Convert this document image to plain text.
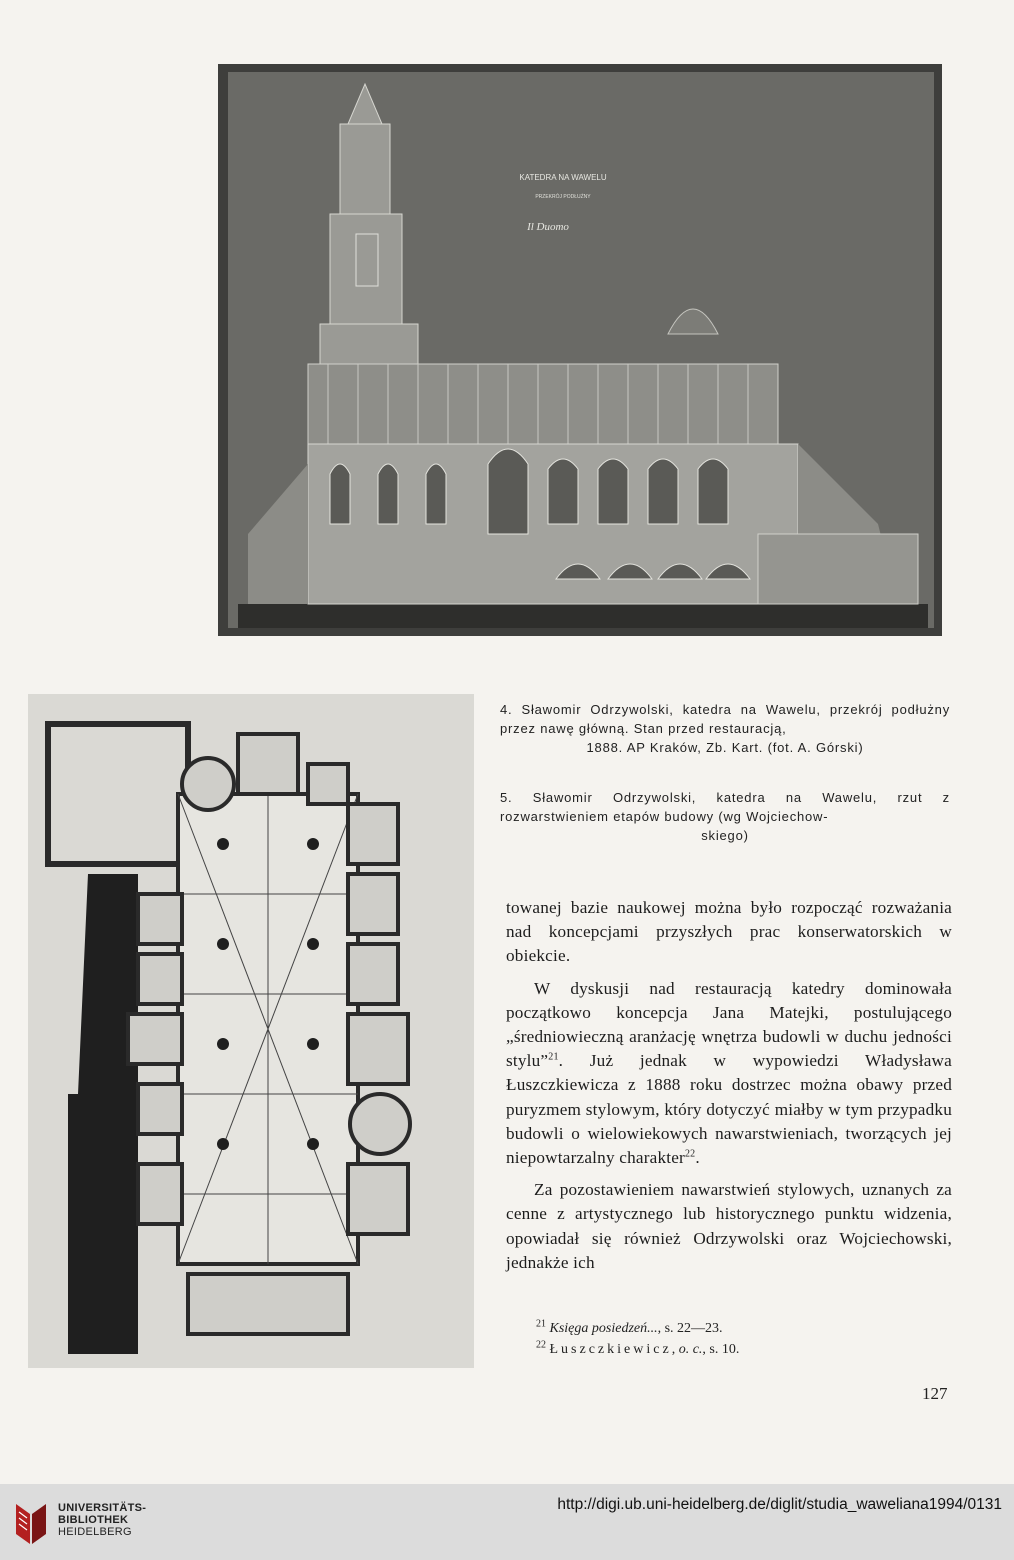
KATEDRA NA WAWELU
PRZEKRÓJ PODŁUŻNY
Il Duomo
4. Sławomir Odrzywolski, katedra na Wawelu, przekrój podłużny przez nawę główną. Stan przed restauracją,
1888. AP Kraków, Zb. Kart. (fot. A. Górski)
5. Sławomir Odrzywolski, katedra na Wawelu, rzut z rozwarstwieniem etapów budowy (wg Wojciechow-
skiego)

towanej bazie naukowej można było rozpocząć rozważania nad koncepcjami przyszłych prac konserwatorskich w obiekcie.

W dyskusji nad restauracją katedry dominowała początkowo koncepcja Jana Matejki, postulującego „średniowieczną aranżację wnętrza budowli w duchu jedności stylu”$^{21}$. Już jednak w wypowiedzi Władysława Łuszczkiewicza z 1888 roku dostrzec można obawy przed puryzmem stylowym, który dotyczyć miałby w tym przypadku budowli o wielowiekowych nawarstwieniach, tworzących jej niepowtarzalny charakter$^{22}$.

Za pozostawieniem nawarstwień stylowych, uznanych za cenne z artystycznego lub historycznego punktu widzenia, opowiadał się również Odrzywolski oraz Wojciechowski, jednakże ich

$^{21}$ Księga posiedzeń..., s. 22—23.
$^{22}$ Łuszczkiewicz, o. c., s. 10.
127
UNIVERSITÄTS-
BIBLIOTHEK
HEIDELBERG
http://digi.ub.uni-heidelberg.de/diglit/studia_waweliana1994/0131
